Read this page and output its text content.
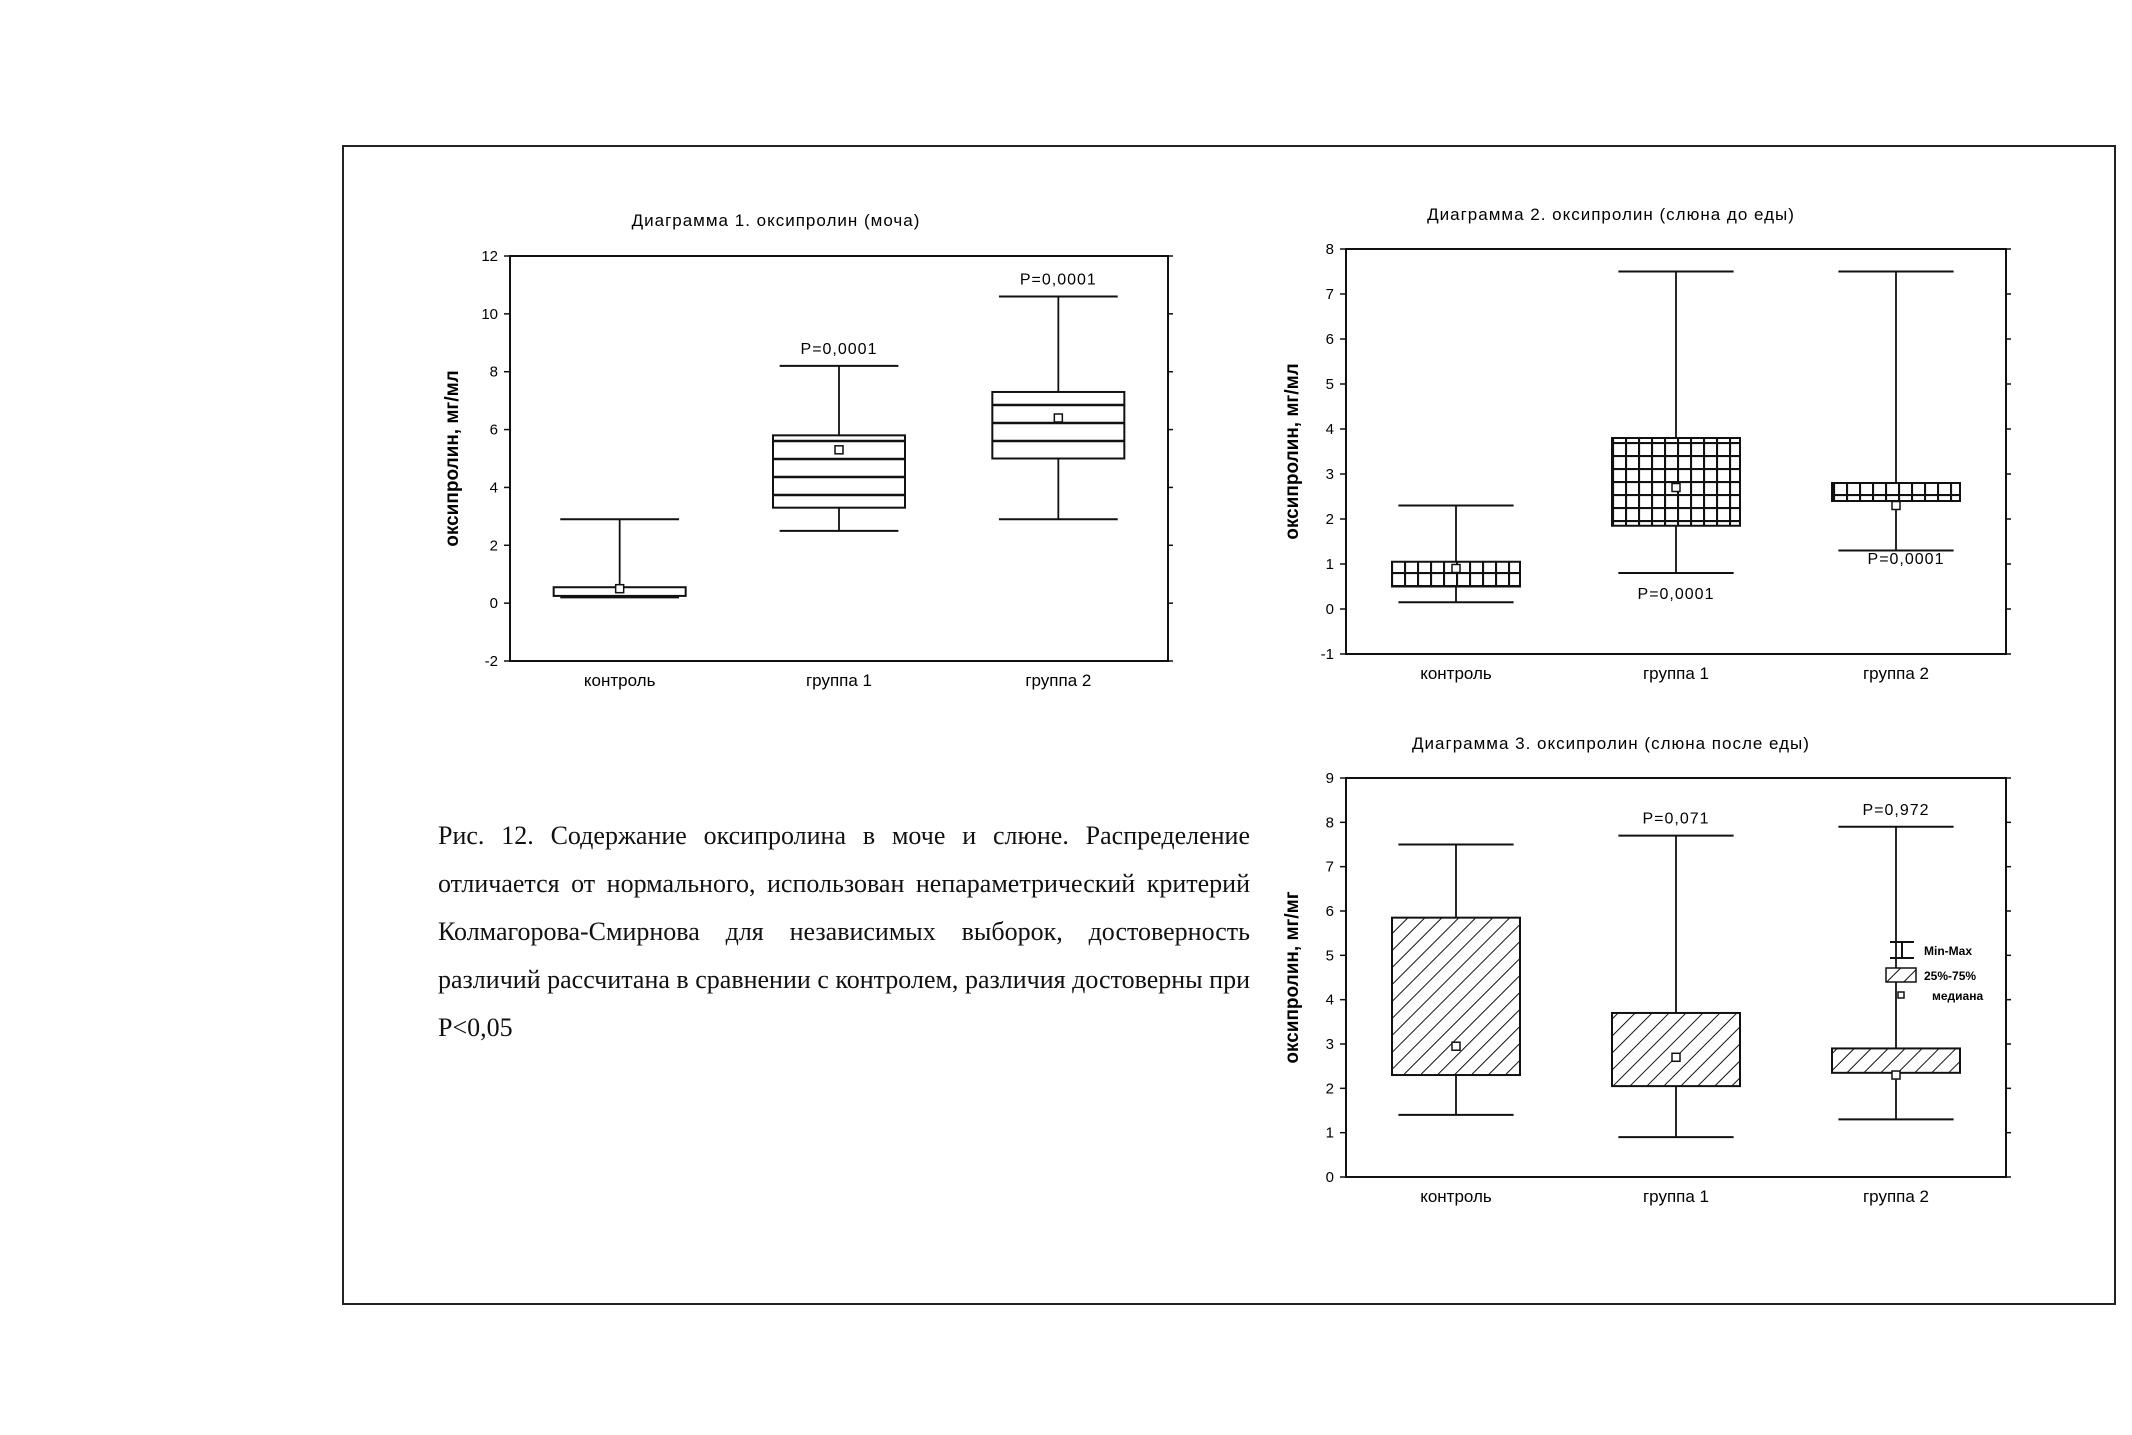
Диаграмма 1. оксипролин (моча)
-2
0
2
4
6
8
10
12
оксипролин, мг/мл
контроль	группа 1
P=0,0001
группа 2
P=0,0001
Диаграмма 2. оксипролин (слюна до еды)
-1
0
1
2
3
4
5
6
7
8
оксипролин, мг/мл
контроль	группа 1
P=0,0001
группа 2
P=0,0001
Диаграмма 3. оксипролин (слюна после еды)
0
1
2
3
4
5
6
7
8
9
оксипролин, мг/мг
контроль	группа 1
P=0,071
группа 2
P=0,972
Min-Max
25%-75%
медиана
Рис. 12. Содержание оксипролина в моче и слюне. Распределение отличается от нормального, использован непараметрический критерий Колмагорова-Смирнова для независимых выборок, достоверность различий рассчитана в сравнении с контролем, различия достоверны при P<0,05
